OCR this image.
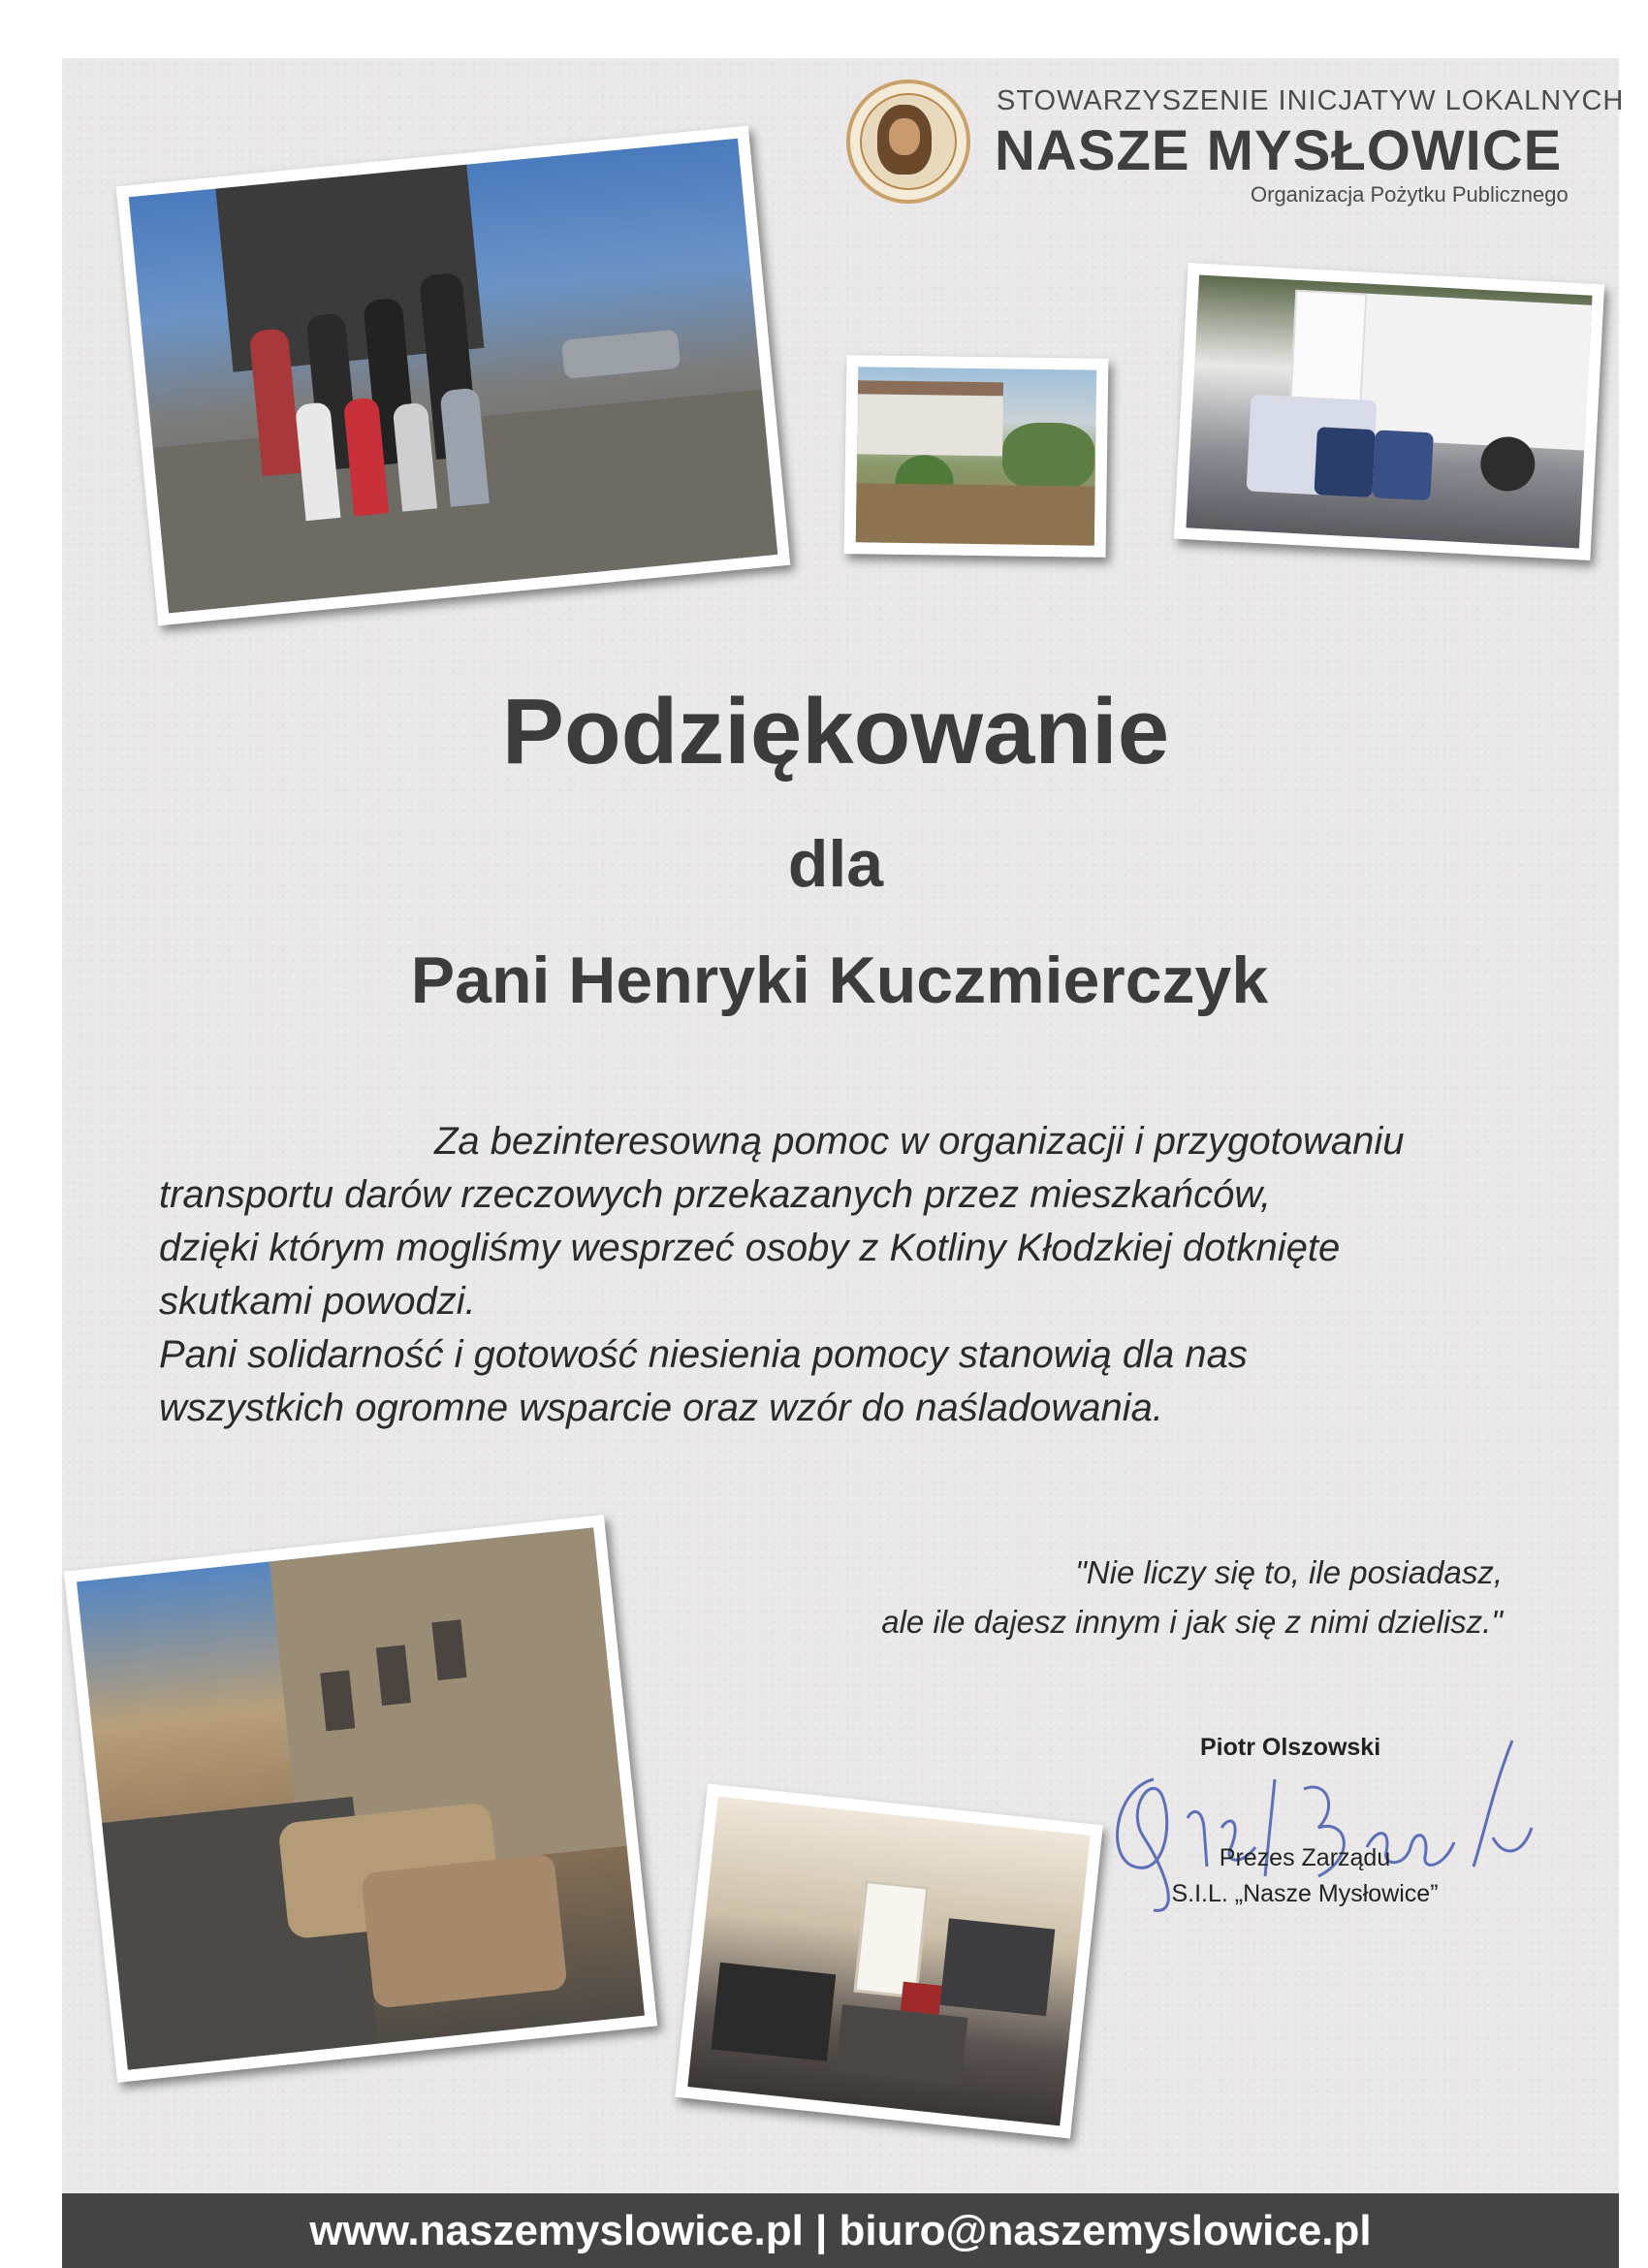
STOWARZYSZENIE INICJATYW LOKALNYCH
NASZE MYSŁOWICE
Organizacja Pożytku Publicznego
Podziękowanie
dla
Pani Henryki Kuczmierczyk
Za bezinteresowną pomoc w organizacji i przygotowaniu
transportu darów rzeczowych przekazanych przez mieszkańców,
dzięki którym mogliśmy wesprzeć osoby z Kotliny Kłodzkiej dotknięte
skutkami powodzi.
Pani solidarność i gotowość niesienia pomocy stanowią dla nas
wszystkich ogromne wsparcie oraz wzór do naśladowania.
"Nie liczy się to, ile posiadasz,
ale ile dajesz innym i jak się z nimi dzielisz."
Piotr Olszowski
Prezes Zarządu
S.I.L. „Nasze Mysłowice”
www.naszemyslowice.pl | biuro@naszemyslowice.pl
